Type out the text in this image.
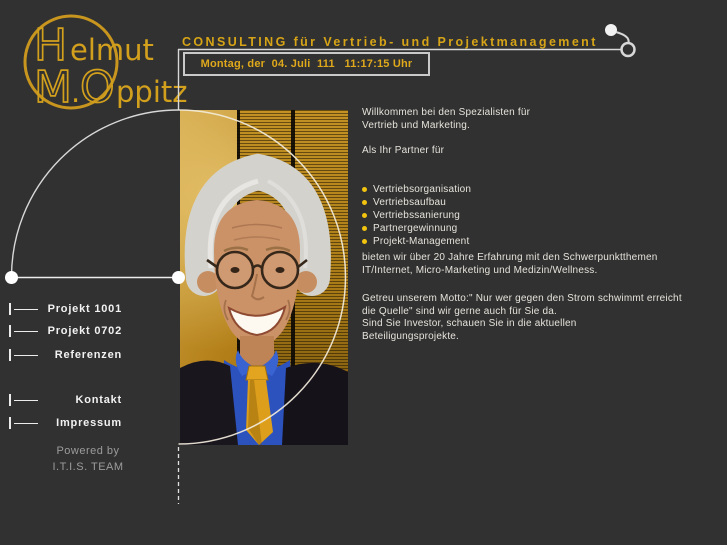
H elmut
M . O ppitz
CONSULTING für Vertrieb- und Projektmanagement
Montag, der  04. Juli  111   11:17:15 Uhr
Projekt 1001
Projekt 0702
Referenzen
Kontakt
Impressum
Powered by
I.T.I.S. TEAM
Willkommen bei den Spezialisten für
Vertrieb und Marketing.
Als Ihr Partner für
Vertriebsorganisation
Vertriebsaufbau
Vertriebssanierung
Partnergewinnung
Projekt-Management
bieten wir über 20 Jahre Erfahrung mit den Schwerpunktthemen
IT/Internet, Micro-Marketing und Medizin/Wellness.
Getreu unserem Motto:" Nur wer gegen den Strom schwimmt erreicht
die Quelle" sind wir gerne auch für Sie da.
Sind Sie Investor, schauen Sie in die aktuellen
Beteiligungsprojekte.
